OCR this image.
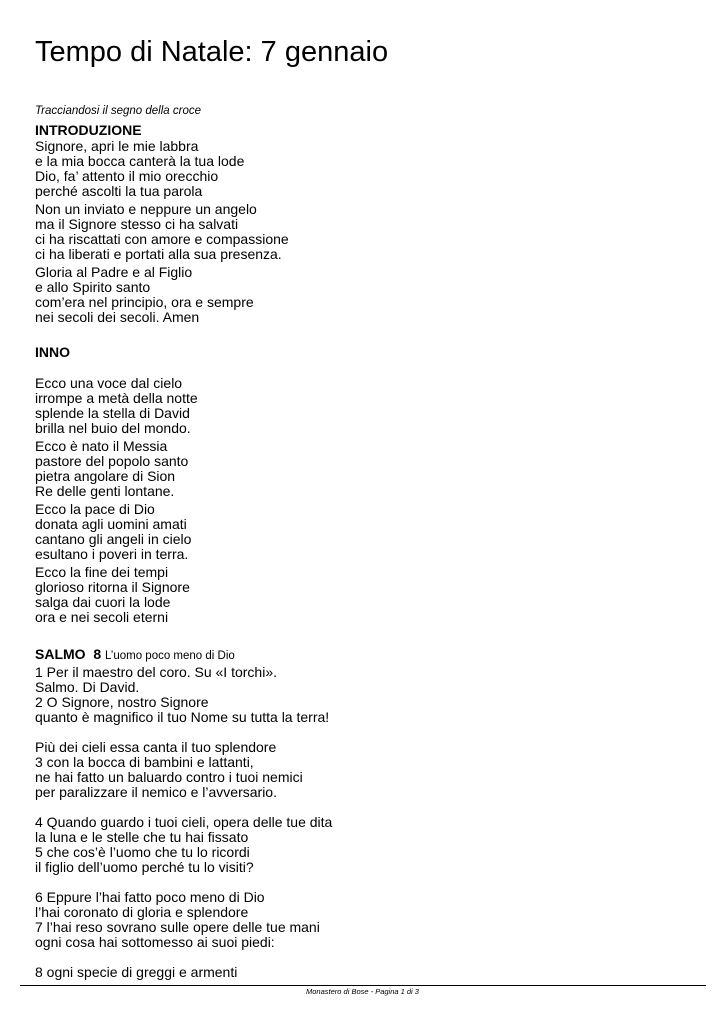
Tempo di Natale: 7 gennaio

Tracciandosi il segno della croce

INTRODUZIONE

Signore, apri le mie labbra
e la mia bocca canterà la tua lode
Dio, fa’ attento il mio orecchio
perché ascolti la tua parola

Non un inviato e neppure un angelo
ma il Signore stesso ci ha salvati
ci ha riscattati con amore e compassione
ci ha liberati e portati alla sua presenza.

Gloria al Padre e al Figlio
e allo Spirito santo
com’era nel principio, ora e sempre
nei secoli dei secoli. Amen

INNO

Ecco una voce dal cielo
irrompe a metà della notte
splende la stella di David
brilla nel buio del mondo.

Ecco è nato il Messia
pastore del popolo santo
pietra angolare di Sion
Re delle genti lontane.

Ecco la pace di Dio
donata agli uomini amati
cantano gli angeli in cielo
esultano i poveri in terra.

Ecco la fine dei tempi
glorioso ritorna il Signore
salga dai cuori la lode
ora e nei secoli eterni

SALMO  8 L’uomo poco meno di Dio

1 Per il maestro del coro. Su «I torchi».
Salmo. Di David.
2 O Signore, nostro Signore
quanto è magnifico il tuo Nome su tutta la terra!

Più dei cieli essa canta il tuo splendore
3 con la bocca di bambini e lattanti,
ne hai fatto un baluardo contro i tuoi nemici
per paralizzare il nemico e l’avversario.

4 Quando guardo i tuoi cieli, opera delle tue dita
la luna e le stelle che tu hai fissato
5 che cos’è l’uomo che tu lo ricordi
il figlio dell’uomo perché tu lo visiti?

6 Eppure l’hai fatto poco meno di Dio
l’hai coronato di gloria e splendore
7 l’hai reso sovrano sulle opere delle tue mani
ogni cosa hai sottomesso ai suoi piedi:

8 ogni specie di greggi e armenti

Monastero di Bose - Pagina 1 di 3
